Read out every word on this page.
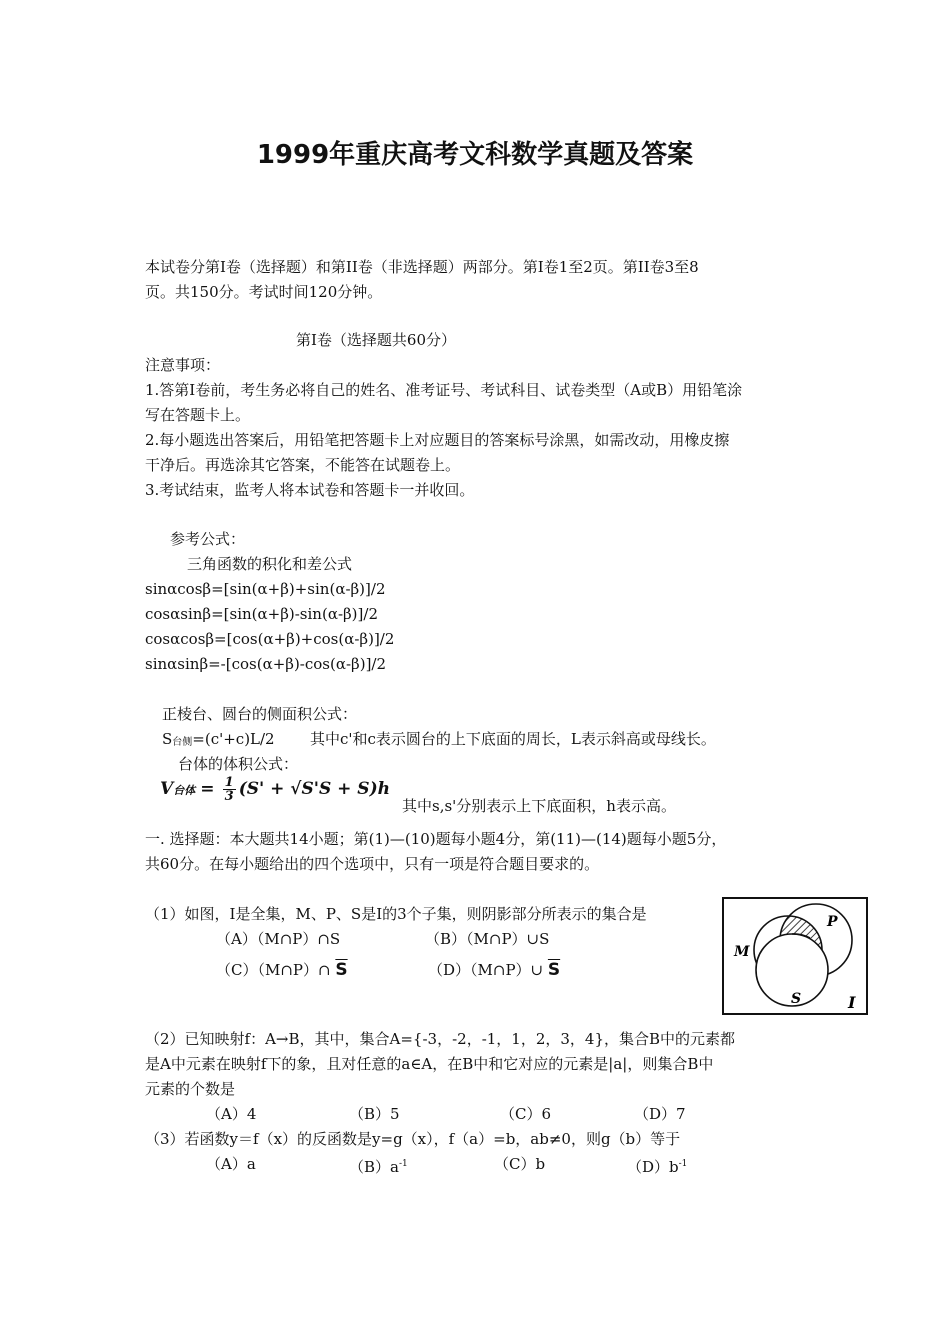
1999年重庆高考文科数学真题及答案
本试卷分第Ⅰ卷（选择题）和第II卷（非选择题）两部分。第Ⅰ卷1至2页。第II卷3至8
页。共150分。考试时间120分钟。
第Ⅰ卷（选择题共60分）
注意事项：
1.答第Ⅰ卷前，考生务必将自己的姓名、准考证号、考试科目、试卷类型（A或B）用铅笔涂
写在答题卡上。
2.每小题选出答案后，用铅笔把答题卡上对应题目的答案标号涂黑，如需改动，用橡皮擦
干净后。再选涂其它答案，不能答在试题卷上。
3.考试结束，监考人将本试卷和答题卡一并收回。
参考公式：
三角函数的积化和差公式
sinαcosβ=[sin(α+β)+sin(α-β)]/2
cosαsinβ=[sin(α+β)-sin(α-β)]/2
cosαcosβ=[cos(α+β)+cos(α-β)]/2
sinαsinβ=-[cos(α+β)-cos(α-β)]/2
正棱台、圆台的侧面积公式：
S台侧=(c'+c)L/2 其中c'和c表示圆台的上下底面的周长，L表示斜高或母线长。
台体的体积公式：
V台体 = $\frac{1}{3} (S' + √S'S + S)h$
其中s,s'分别表示上下底面积，h表示高。
一. 选择题：本大题共14小题；第(1)—(10)题每小题4分，第(11)—(14)题每小题5分，
共60分。在每小题给出的四个选项中，只有一项是符合题目要求的。
（1）如图，I是全集，M、P、S是I的3个子集，则阴影部分所表示的集合是
（A）（M∩P）∩S	（B）（M∩P）∪S
（C）（M∩P）∩ $\overline{S}$	（D）（M∩P）∪ $\overline{S}$
M
P
S	I
（2）已知映射f：A→B，其中，集合A={-3，-2，-1，1，2，3，4}，集合B中的元素都
是A中元素在映射f下的象，且对任意的a∈A，在B中和它对应的元素是|a|，则集合B中
元素的个数是
（A）4	（B）5	（C）6	（D）7
（3）若函数y＝f（x）的反函数是y=g（x），f（a）=b，ab≠0，则g（b）等于
（A）a	$(B)a^{-1}$	（C）b	$(D)b^{-1}$
